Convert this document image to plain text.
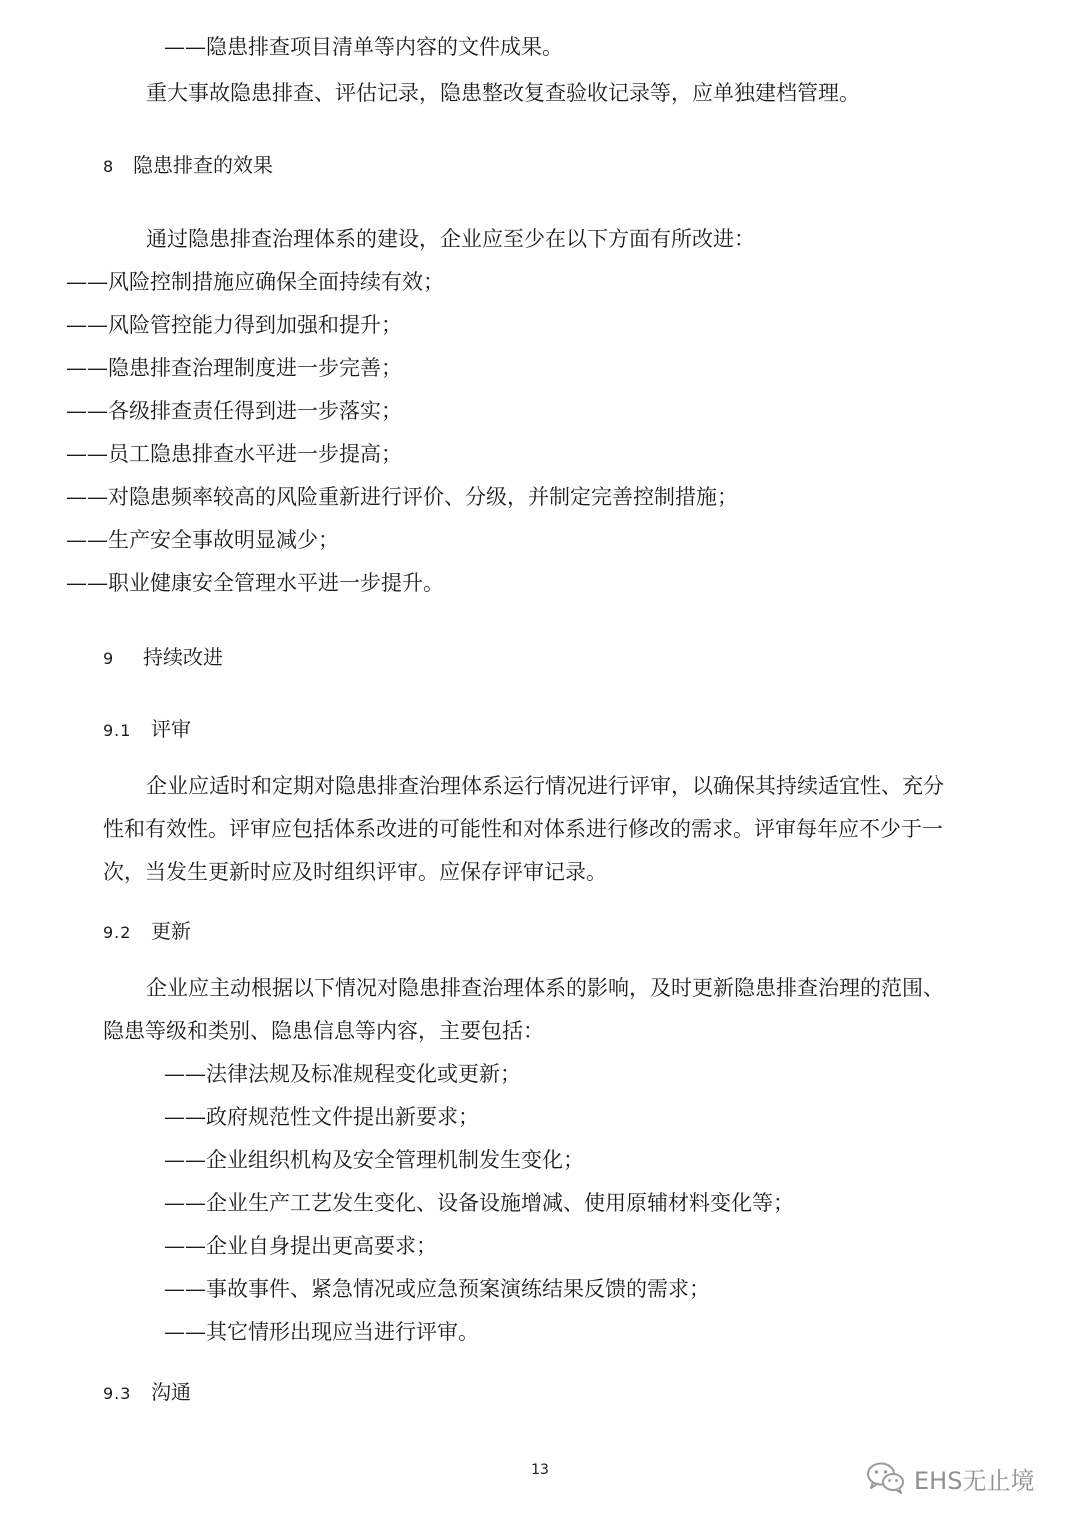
——隐患排查项目清单等内容的文件成果。
重大事故隐患排查、评估记录，隐患整改复查验收记录等，应单独建档管理。
8 隐患排查的效果
通过隐患排查治理体系的建设，企业应至少在以下方面有所改进：
——风险控制措施应确保全面持续有效；
——风险管控能力得到加强和提升；
——隐患排查治理制度进一步完善；
——各级排查责任得到进一步落实；
——员工隐患排查水平进一步提高；
——对隐患频率较高的风险重新进行评价、分级，并制定完善控制措施；
——生产安全事故明显减少；
——职业健康安全管理水平进一步提升。
9 持续改进
9.1 评审
企业应适时和定期对隐患排查治理体系运行情况进行评审，以确保其持续适宜性、充分
性和有效性。评审应包括体系改进的可能性和对体系进行修改的需求。评审每年应不少于一
次，当发生更新时应及时组织评审。应保存评审记录。
9.2 更新
企业应主动根据以下情况对隐患排查治理体系的影响，及时更新隐患排查治理的范围、
隐患等级和类别、隐患信息等内容，主要包括：
——法律法规及标准规程变化或更新；
——政府规范性文件提出新要求；
——企业组织机构及安全管理机制发生变化；
——企业生产工艺发生变化、设备设施增减、使用原辅材料变化等；
——企业自身提出更高要求；
——事故事件、紧急情况或应急预案演练结果反馈的需求；
——其它情形出现应当进行评审。
9.3 沟通
13	EHS无止境
